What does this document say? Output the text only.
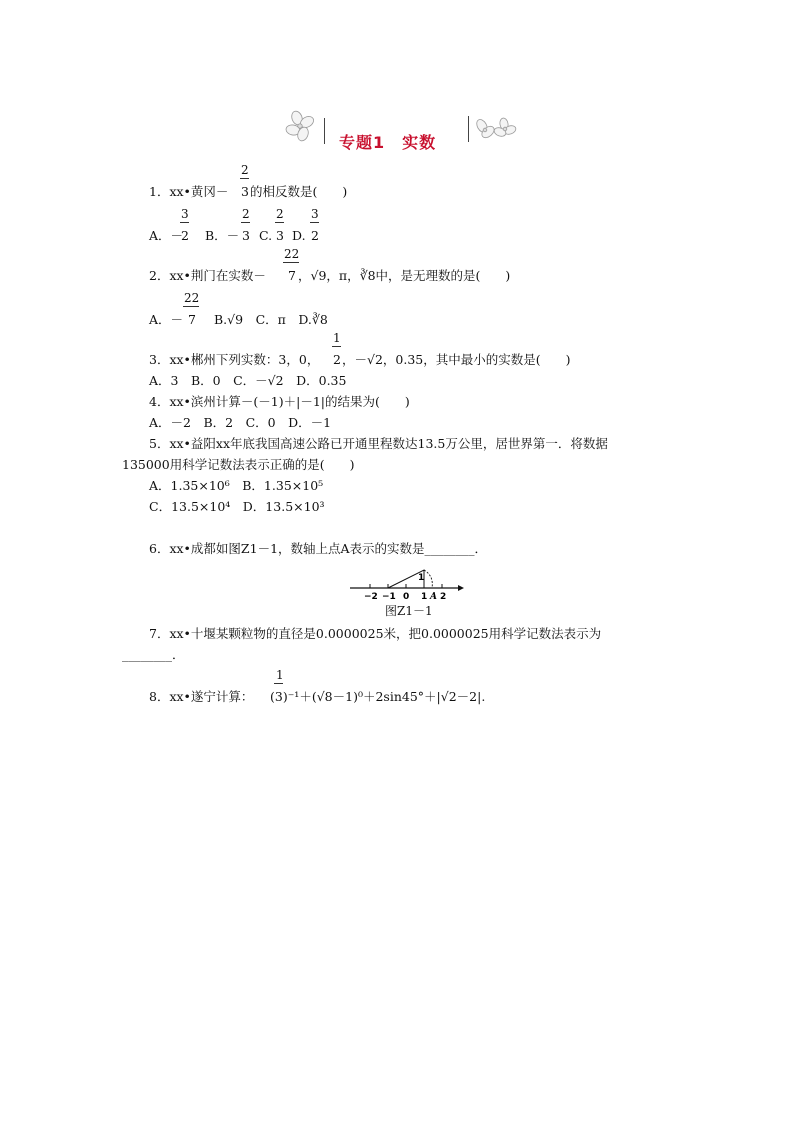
专题1　实数
2
1．xx•黄冈－ 3 的相反数是(　　)
3	2 2 3
A．－
2 B．－ 3 C. 3 D. 2
22
2．xx•荆门在实数－ 7 ，√9，π，∛8中，是无理数的是(　　)
22
A．－ 7 B.√9　C．π　D.∛8
1
3．xx•郴州下列实数：3，0， 2 ，－√2，0.35，其中最小的实数是(　　)
A．3　B．0　C．－√2　D．0.35
4．xx•滨州计算－(－1)＋|－1|的结果为(　　)
A．－2　B．2　C．0　D．－1
5．xx•益阳xx年底我国高速公路已开通里程数达13.5万公里，居世界第一．将数据
135000用科学记数法表示正确的是(　　)
A．1.35×10⁶　B．1.35×10⁵
C．13.5×10⁴　D．13.5×10³
6．xx•成都如图Z1－1，数轴上点A表示的实数是________．
−2 −1 0 1 A 2
1
图Z1－1
7．xx•十堰某颗粒物的直径是0.0000025米，把0.0000025用科学记数法表示为
________．
1
8．xx•遂宁计算： (3)⁻¹＋(√8－1)⁰＋2sin45°＋|√2－2|.
